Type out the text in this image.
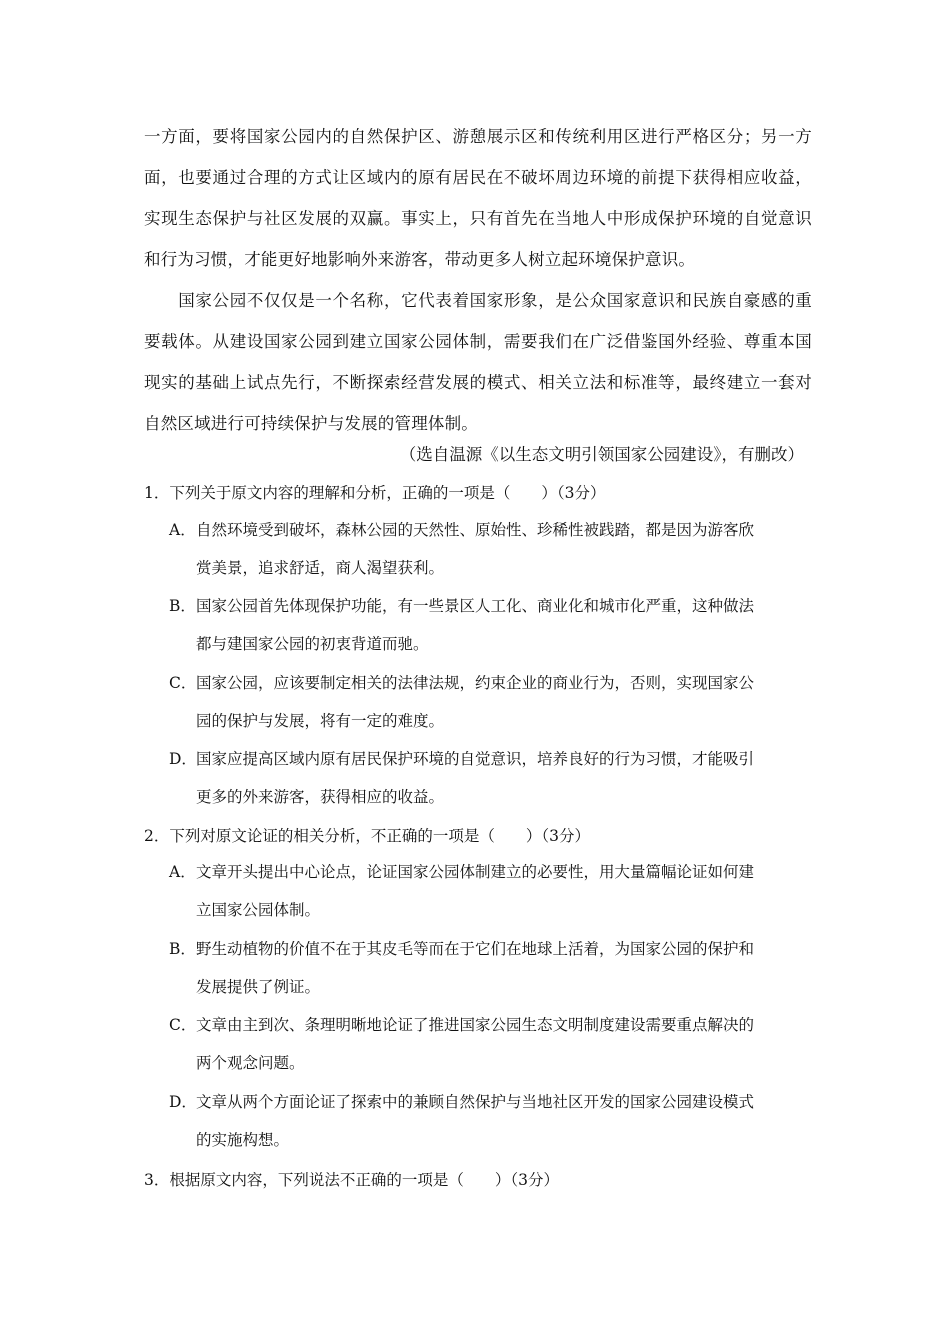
一方面，要将国家公园内的自然保护区、游憩展示区和传统利用区进行严格区分；另一方
面，也要通过合理的方式让区域内的原有居民在不破坏周边环境的前提下获得相应收益，
实现生态保护与社区发展的双赢。事实上，只有首先在当地人中形成保护环境的自觉意识
和行为习惯，才能更好地影响外来游客，带动更多人树立起环境保护意识。
　　国家公园不仅仅是一个名称，它代表着国家形象，是公众国家意识和民族自豪感的重
要载体。从建设国家公园到建立国家公园体制，需要我们在广泛借鉴国外经验、尊重本国
现实的基础上试点先行，不断探索经营发展的模式、相关立法和标准等，最终建立一套对
自然区域进行可持续保护与发展的管理体制。
（选自温源《以生态文明引领国家公园建设》，有删改）
1．下列关于原文内容的理解和分析，正确的一项是（　　）（3分）
A．自然环境受到破坏，森林公园的天然性、原始性、珍稀性被践踏，都是因为游客欣
赏美景，追求舒适，商人渴望获利。
B．国家公园首先体现保护功能，有一些景区人工化、商业化和城市化严重，这种做法
都与建国家公园的初衷背道而驰。
C．国家公园，应该要制定相关的法律法规，约束企业的商业行为，否则，实现国家公
园的保护与发展，将有一定的难度。
D．国家应提高区域内原有居民保护环境的自觉意识，培养良好的行为习惯，才能吸引
更多的外来游客，获得相应的收益。
2．下列对原文论证的相关分析，不正确的一项是（　　）（3分）
A．文章开头提出中心论点，论证国家公园体制建立的必要性，用大量篇幅论证如何建
立国家公园体制。
B．野生动植物的价值不在于其皮毛等而在于它们在地球上活着，为国家公园的保护和
发展提供了例证。
C．文章由主到次、条理明晰地论证了推进国家公园生态文明制度建设需要重点解决的
两个观念问题。
D．文章从两个方面论证了探索中的兼顾自然保护与当地社区开发的国家公园建设模式
的实施构想。
3．根据原文内容，下列说法不正确的一项是（　　）（3分）
